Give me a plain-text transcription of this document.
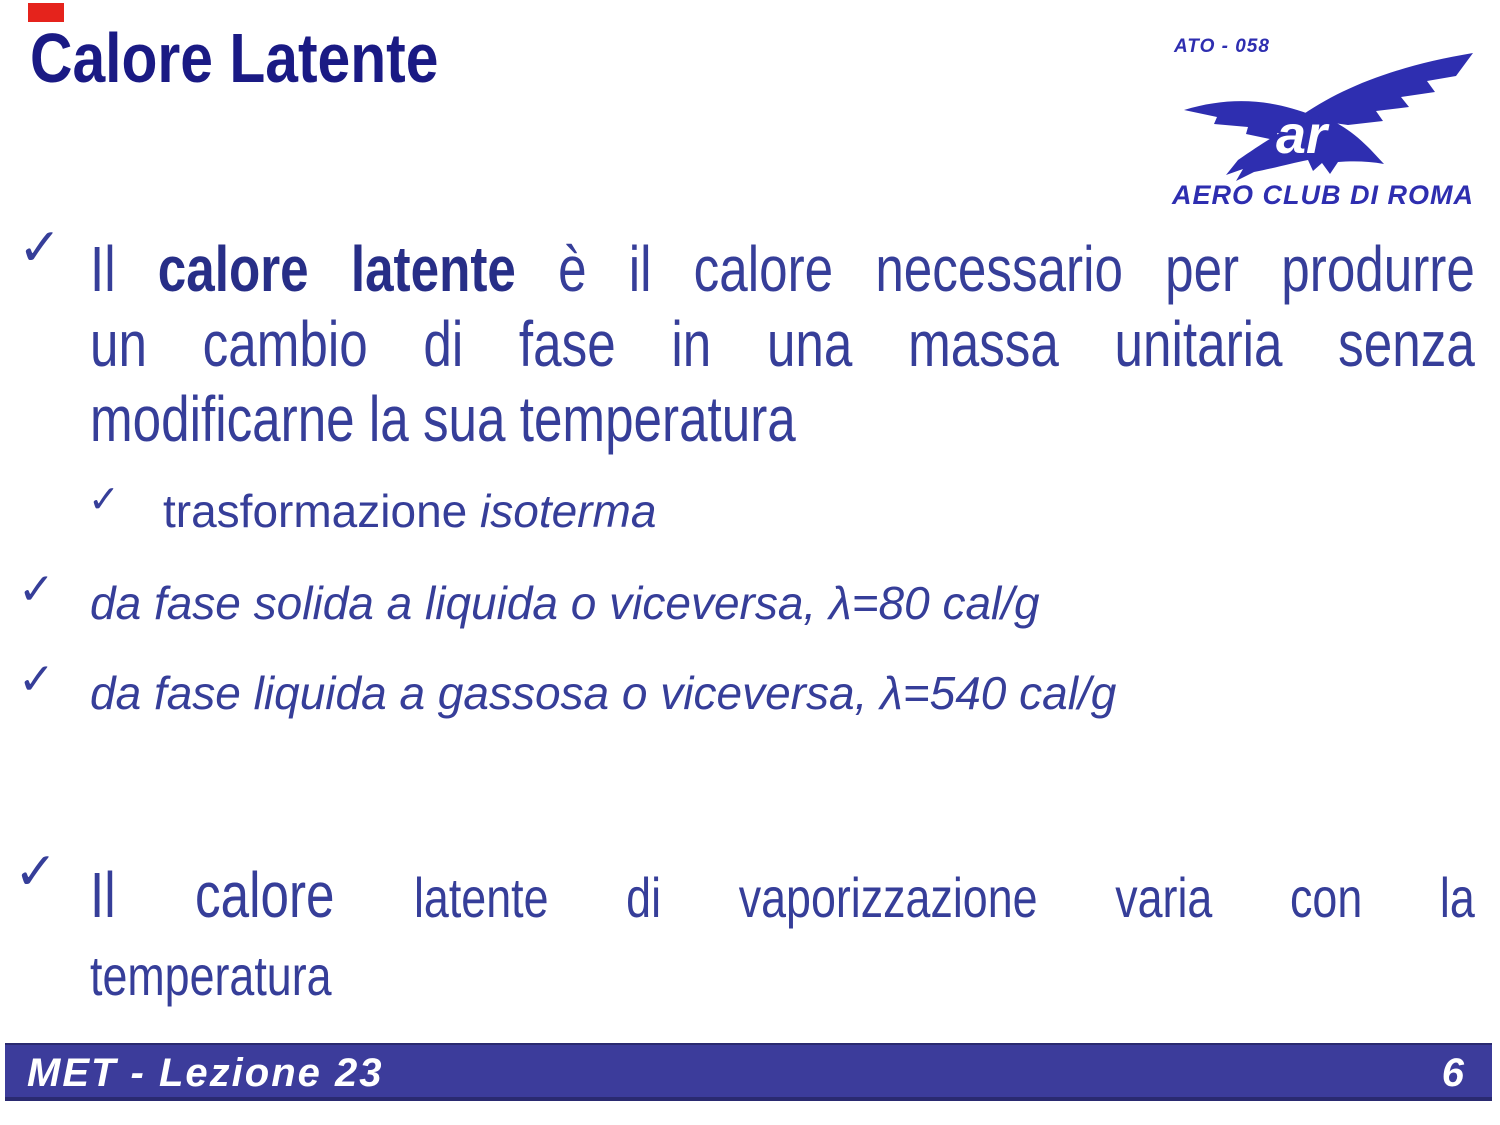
Calore Latente	ATO - 058
ar
AERO CLUB DI ROMA
✓ Il calore latente è il calore necessario per produrre
un cambio di fase in una massa unitaria senza
modificarne la sua temperatura
✓ trasformazione isoterma
✓ da fase solida a liquida o viceversa, λ=80 cal/g
✓ da fase liquida a gassosa o viceversa, λ=540 cal/g
✓ Il calore latente di vaporizzazione varia con la
temperatura
MET - Lezione 23	6
